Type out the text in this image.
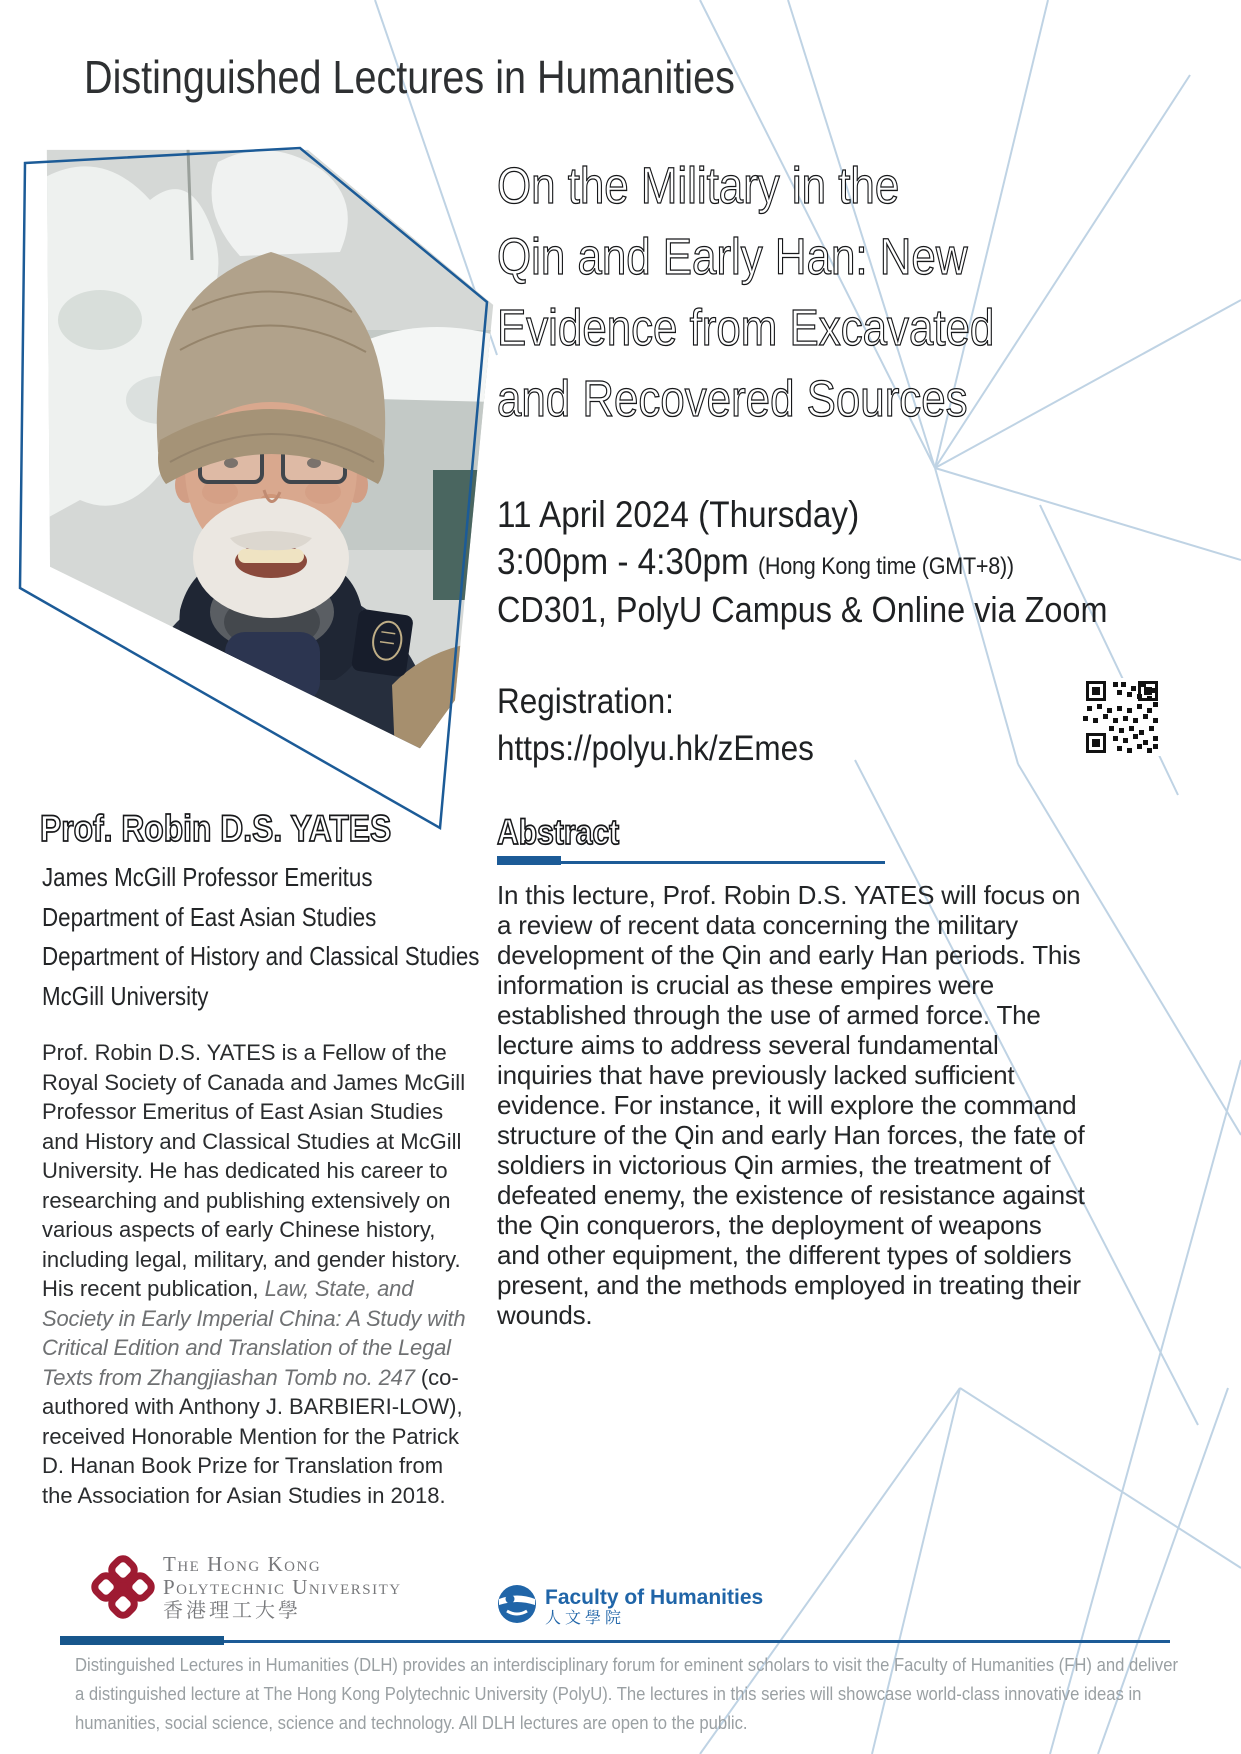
Distinguished Lectures in Humanities
On the Military in the
Qin and Early Han: New
Evidence from Excavated
and Recovered Sources
11 April 2024 (Thursday)
3:00pm - 4:30pm (Hong Kong time (GMT+8))
CD301, PolyU Campus & Online via Zoom
Registration:
https://polyu.hk/zEmes
Abstract
In this lecture, Prof. Robin D.S. YATES will focus on a review of recent data concerning the military development of the Qin and early Han periods. This information is crucial as these empires were established through the use of armed force. The lecture aims to address several fundamental inquiries that have previously lacked sufficient evidence. For instance, it will explore the command structure of the Qin and early Han forces, the fate of soldiers in victorious Qin armies, the treatment of defeated enemy, the existence of resistance against the Qin conquerors, the deployment of weapons and other equipment, the different types of soldiers present, and the methods employed in treating their wounds.
Prof. Robin D.S. YATES
James McGill Professor Emeritus
Department of East Asian Studies
Department of History and Classical Studies
McGill University
Prof. Robin D.S. YATES is a Fellow of the Royal Society of Canada and James McGill Professor Emeritus of East Asian Studies and History and Classical Studies at McGill University. He has dedicated his career to researching and publishing extensively on various aspects of early Chinese history, including legal, military, and gender history. His recent publication, Law, State, and Society in Early Imperial China: A Study with Critical Edition and Translation of the Legal Texts from Zhangjiashan Tomb no. 247 (co-authored with Anthony J. BARBIERI-LOW), received Honorable Mention for the Patrick D. Hanan Book Prize for Translation from the Association for Asian Studies in 2018.
The Hong Kong
Polytechnic University
香港理工大學
Faculty of Humanities
人文學院
Distinguished Lectures in Humanities (DLH) provides an interdisciplinary forum for eminent scholars to visit the Faculty of Humanities (FH) and deliver a distinguished lecture at The Hong Kong Polytechnic University (PolyU). The lectures in this series will showcase world-class innovative ideas in humanities, social science, science and technology. All DLH lectures are open to the public.
